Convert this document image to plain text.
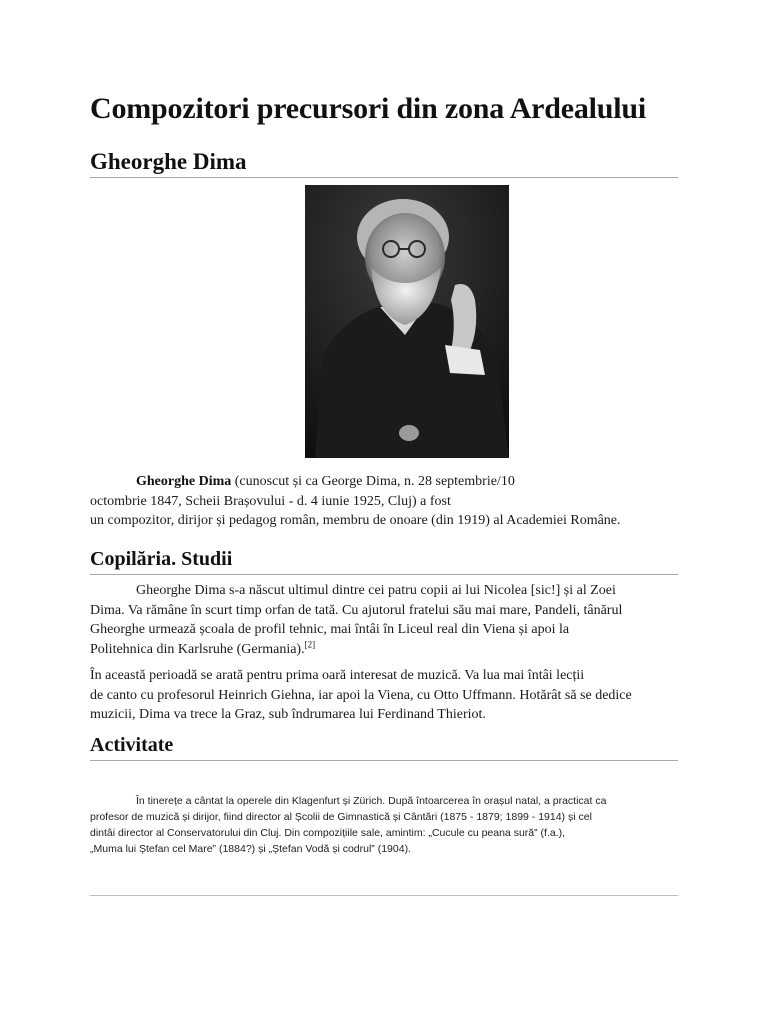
Compozitori precursori din zona Ardealului
Gheorghe Dima

Gheorghe Dima (cunoscut și ca George Dima, n. 28 septembrie/10
octombrie 1847, Scheii Brașovului - d. 4 iunie 1925, Cluj) a fost
un compozitor, dirijor și pedagog român, membru de onoare (din 1919) al Academiei Române.

Copilăria. Studii

Gheorghe Dima s-a născut ultimul dintre cei patru copii ai lui Nicolea [sic!] și al Zoei
Dima. Va rămâne în scurt timp orfan de tată. Cu ajutorul fratelui său mai mare, Pandeli, tânărul
Gheorghe urmează școala de profil tehnic, mai întâi în Liceul real din Viena și apoi la
Politehnica din Karlsruhe (Germania).[2]

În această perioadă se arată pentru prima oară interesat de muzică. Va lua mai întâi lecții
de canto cu profesorul Heinrich Giehna, iar apoi la Viena, cu Otto Uffmann. Hotărât să se dedice
muzicii, Dima va trece la Graz, sub îndrumarea lui Ferdinand Thieriot.

Activitate

În tinerețe a cântat la operele din Klagenfurt și Zürich. După întoarcerea în orașul natal, a practicat ca
profesor de muzică și dirijor, fiind director al Școlii de Gimnastică și Cântări (1875 - 1879; 1899 - 1914) și cel
dintâi director al Conservatorului din Cluj. Din compozițiile sale, amintim: „Cucule cu peana sură” (f.a.),
„Muma lui Ștefan cel Mare” (1884?) și „Ștefan Vodă și codrul” (1904).
